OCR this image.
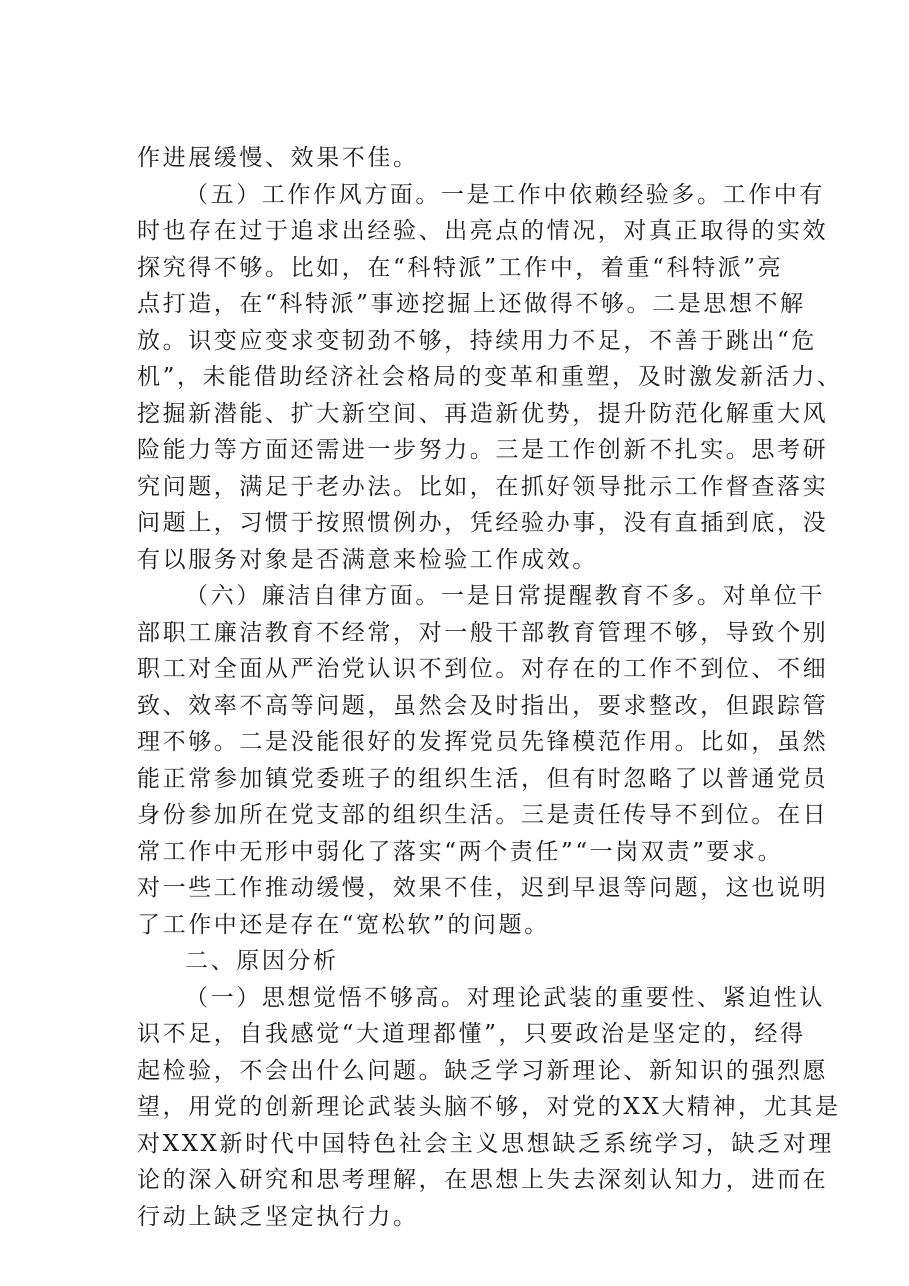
作进展缓慢、效果不佳。
（五）工作作风方面。一是工作中依赖经验多。工作中有
时也存在过于追求出经验、出亮点的情况，对真正取得的实效
探究得不够。比如，在“科特派”工作中，着重“科特派”亮
点打造，在“科特派”事迹挖掘上还做得不够。二是思想不解
放。识变应变求变韧劲不够，持续用力不足，不善于跳出“危
机”，未能借助经济社会格局的变革和重塑，及时激发新活力、
挖掘新潜能、扩大新空间、再造新优势，提升防范化解重大风
险能力等方面还需进一步努力。三是工作创新不扎实。思考研
究问题，满足于老办法。比如，在抓好领导批示工作督查落实
问题上，习惯于按照惯例办，凭经验办事，没有直插到底，没
有以服务对象是否满意来检验工作成效。
（六）廉洁自律方面。一是日常提醒教育不多。对单位干
部职工廉洁教育不经常，对一般干部教育管理不够，导致个别
职工对全面从严治党认识不到位。对存在的工作不到位、不细
致、效率不高等问题，虽然会及时指出，要求整改，但跟踪管
理不够。二是没能很好的发挥党员先锋模范作用。比如，虽然
能正常参加镇党委班子的组织生活，但有时忽略了以普通党员
身份参加所在党支部的组织生活。三是责任传导不到位。在日
常工作中无形中弱化了落实“两个责任”“一岗双责”要求。
对一些工作推动缓慢，效果不佳，迟到早退等问题，这也说明
了工作中还是存在“宽松软”的问题。
二、原因分析
（一）思想觉悟不够高。对理论武装的重要性、紧迫性认
识不足，自我感觉“大道理都懂”，只要政治是坚定的，经得
起检验，不会出什么问题。缺乏学习新理论、新知识的强烈愿
望，用党的创新理论武装头脑不够，对党的XX大精神，尤其是
对XXX新时代中国特色社会主义思想缺乏系统学习，缺乏对理
论的深入研究和思考理解，在思想上失去深刻认知力，进而在
行动上缺乏坚定执行力。
